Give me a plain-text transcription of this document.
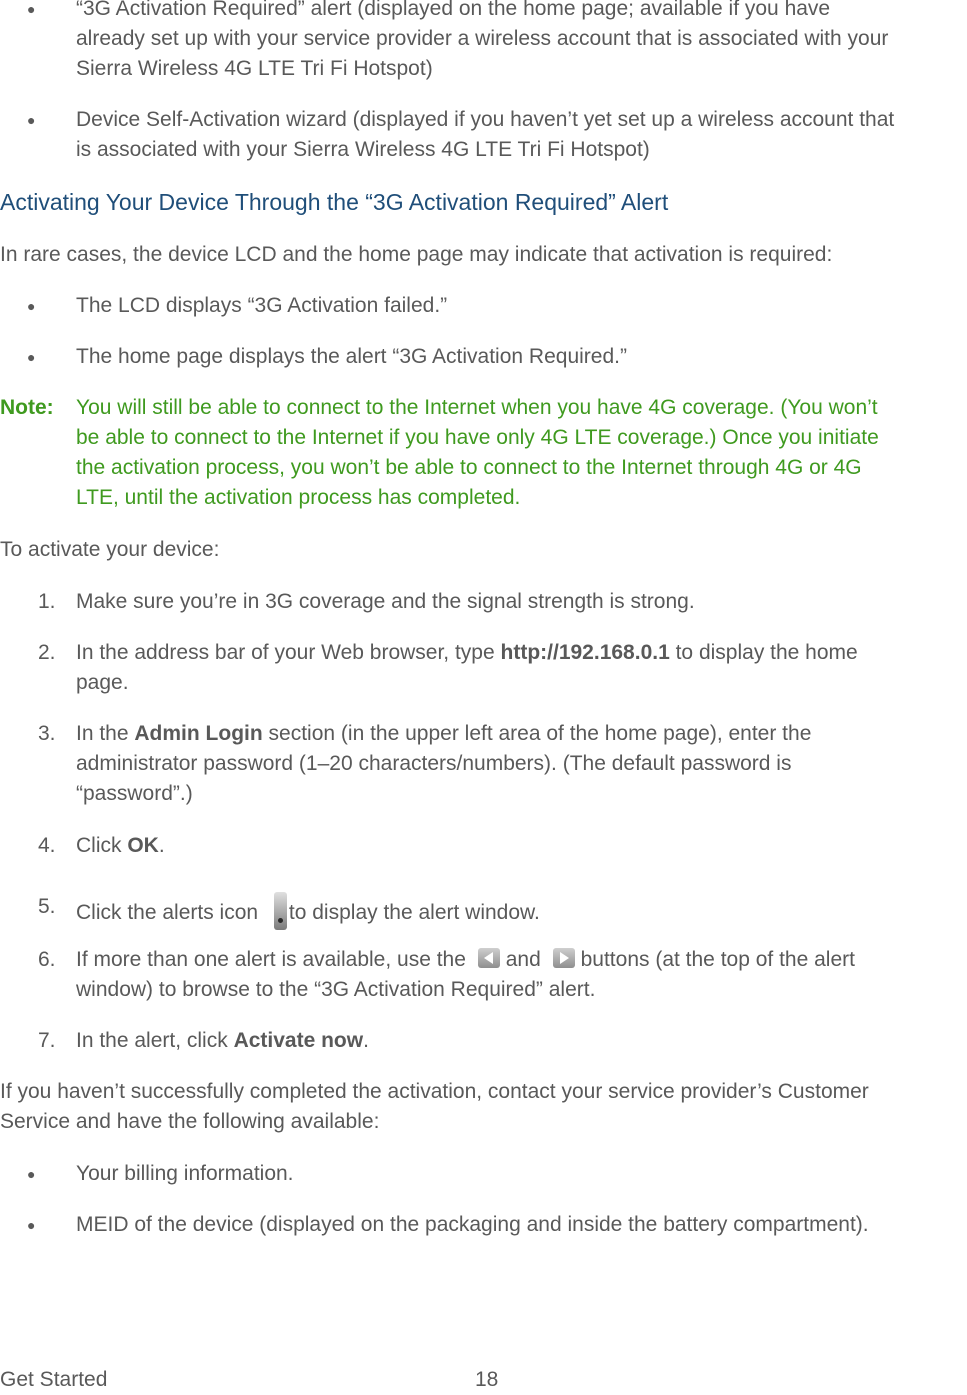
●	“3G Activation Required” alert (displayed on the home page; available if you have
already set up with your service provider a wireless account that is associated with your
Sierra Wireless 4G LTE Tri Fi Hotspot)
●	Device Self-Activation wizard (displayed if you haven’t yet set up a wireless account that
is associated with your Sierra Wireless 4G LTE Tri Fi Hotspot)
Activating Your Device Through the “3G Activation Required” Alert
In rare cases, the device LCD and the home page may indicate that activation is required:
●	The LCD displays “3G Activation failed.”
●	The home page displays the alert “3G Activation Required.”
Note:	You will still be able to connect to the Internet when you have 4G coverage. (You won’t
be able to connect to the Internet if you have only 4G LTE coverage.) Once you initiate
the activation process, you won’t be able to connect to the Internet through 4G or 4G
LTE, until the activation process has completed.
To activate your device:
1. Make sure you’re in 3G coverage and the signal strength is strong.
2. In the address bar of your Web browser, type http://192.168.0.1 to display the home
page.
3. In the Admin Login section (in the upper left area of the home page), enter the
administrator password (1–20 characters/numbers). (The default password is
“password”.)
4. Click OK.
5. Click the alerts icon to display the alert window.
6. If more than one alert is available, use the and buttons (at the top of the alert
window) to browse to the “3G Activation Required” alert.
7. In the alert, click Activate now.
If you haven’t successfully completed the activation, contact your service provider’s Customer
Service and have the following available:
●	Your billing information.
●	MEID of the device (displayed on the packaging and inside the battery compartment).
Get Started	18
